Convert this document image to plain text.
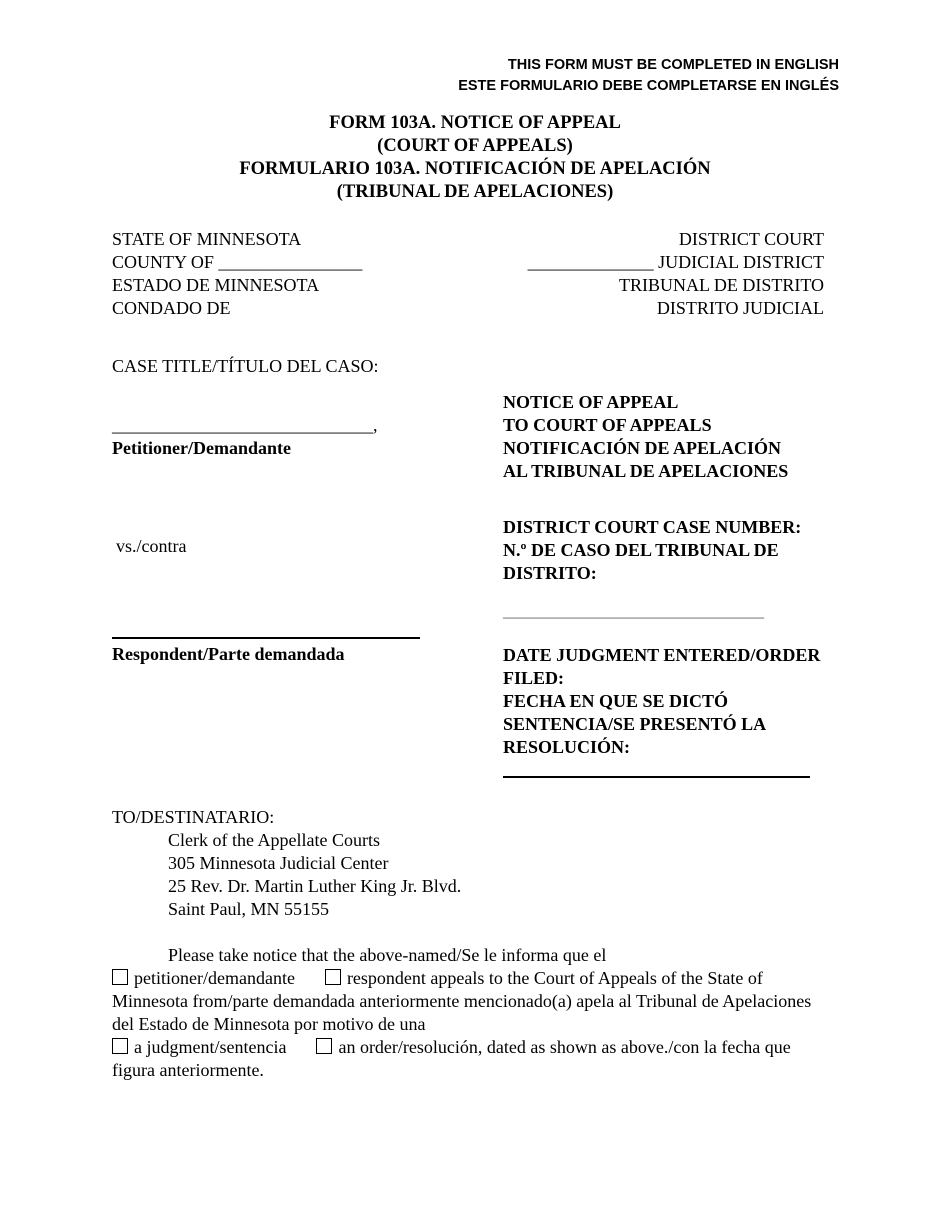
THIS FORM MUST BE COMPLETED IN ENGLISH
ESTE FORMULARIO DEBE COMPLETARSE EN INGLÉS
FORM 103A. NOTICE OF APPEAL
(COURT OF APPEALS)
FORMULARIO 103A. NOTIFICACIÓN DE APELACIÓN
(TRIBUNAL DE APELACIONES)
STATE OF MINNESOTA
COUNTY OF ________________
ESTADO DE MINNESOTA
CONDADO DE
DISTRICT COURT
______________ JUDICIAL DISTRICT
TRIBUNAL DE DISTRITO
DISTRITO JUDICIAL
CASE TITLE/TÍTULO DEL CASO:
_____________________________,
Petitioner/Demandante
vs./contra
Respondent/Parte demandada
NOTICE OF APPEAL
TO COURT OF APPEALS
NOTIFICACIÓN DE APELACIÓN
AL TRIBUNAL DE APELACIONES
DISTRICT COURT CASE NUMBER:
N.º DE CASO DEL TRIBUNAL DE
DISTRITO:
_____________________________
DATE JUDGMENT ENTERED/ORDER
FILED:
FECHA EN QUE SE DICTÓ
SENTENCIA/SE PRESENTÓ LA
RESOLUCIÓN:
TO/DESTINATARIO:
Clerk of the Appellate Courts
305 Minnesota Judicial Center
25 Rev. Dr. Martin Luther King Jr. Blvd.
Saint Paul, MN 55155
Please take notice that the above-named/Se le informa que el
petitioner/demandante	respondent appeals to the Court of Appeals of the State of
Minnesota from/parte demandada anteriormente mencionado(a) apela al Tribunal de Apelaciones
del Estado de Minnesota por motivo de una
a judgment/sentencia	an order/resolución, dated as shown as above./con la fecha que
figura anteriormente.
